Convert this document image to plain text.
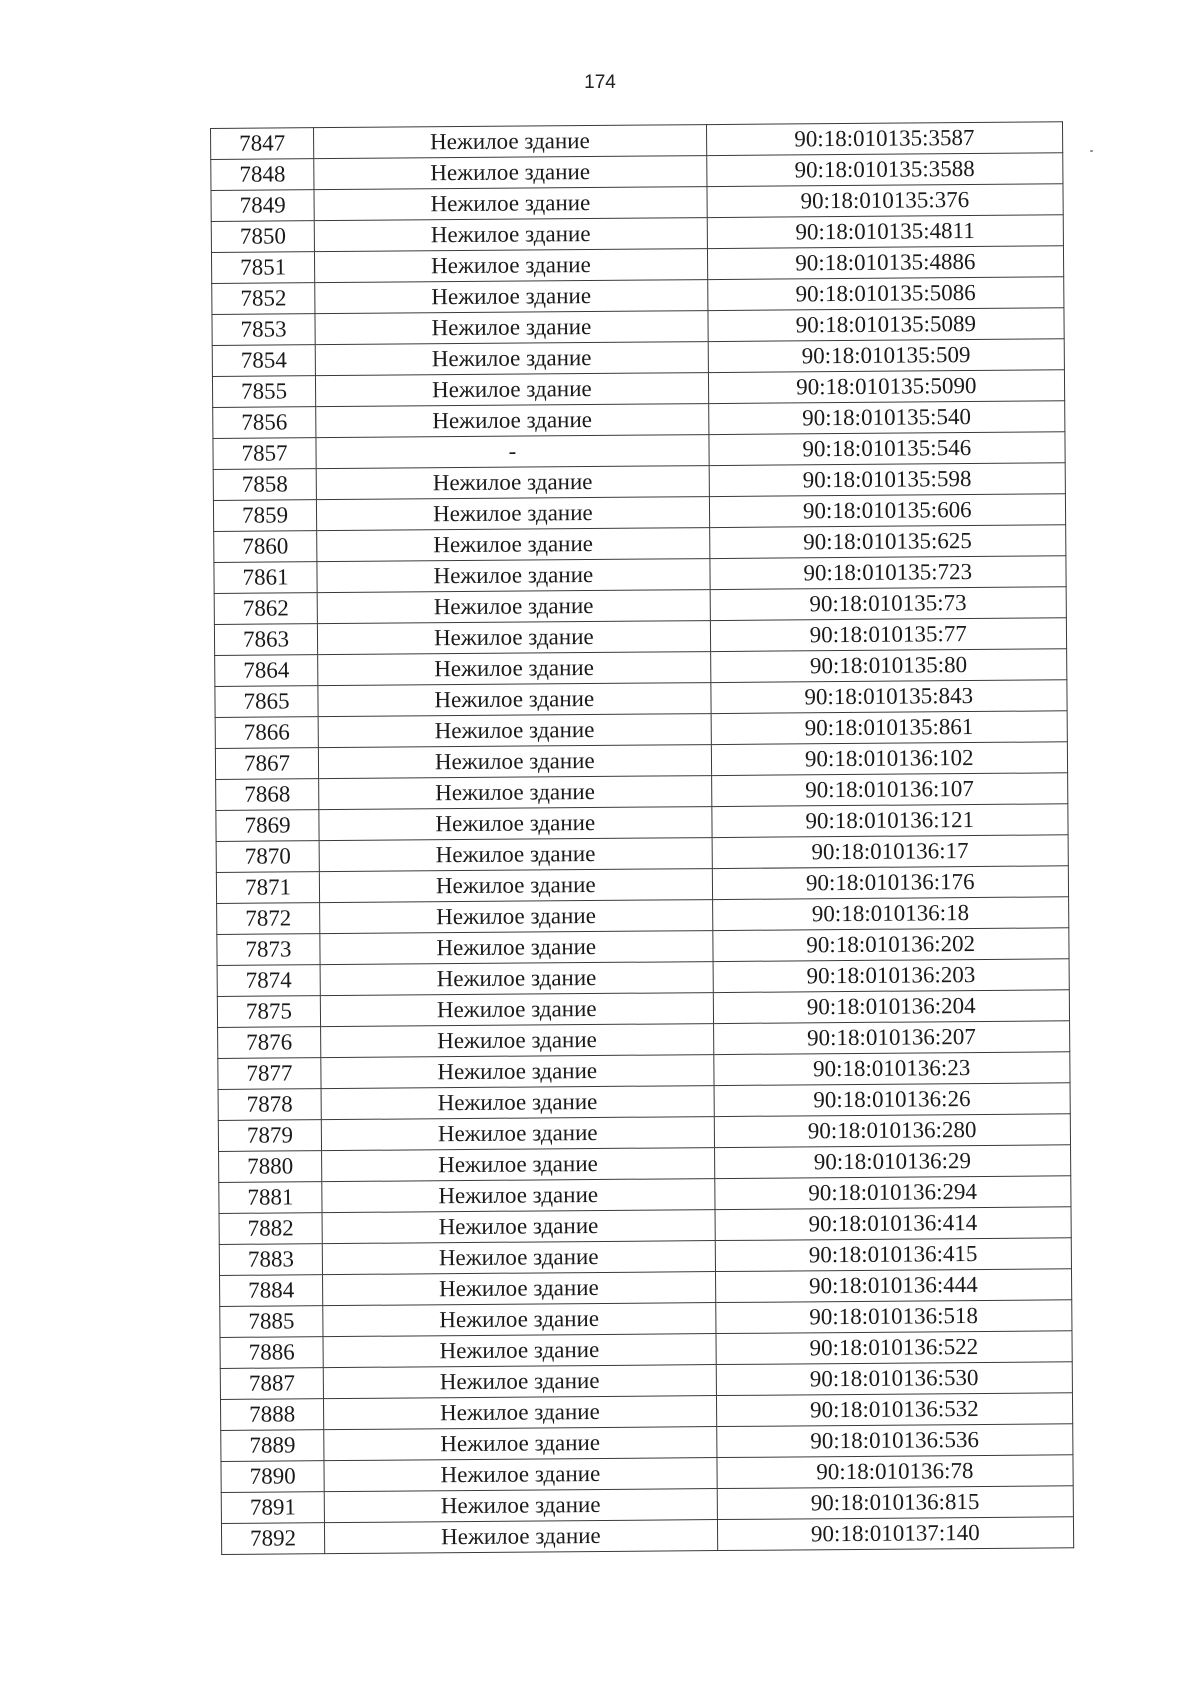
174
7847	Нежилое здание	90:18:010135:3587
7848	Нежилое здание	90:18:010135:3588
7849	Нежилое здание	90:18:010135:376
7850	Нежилое здание	90:18:010135:4811
7851	Нежилое здание	90:18:010135:4886
7852	Нежилое здание	90:18:010135:5086
7853	Нежилое здание	90:18:010135:5089
7854	Нежилое здание	90:18:010135:509
7855	Нежилое здание	90:18:010135:5090
7856	Нежилое здание	90:18:010135:540
7857	-	90:18:010135:546
7858	Нежилое здание	90:18:010135:598
7859	Нежилое здание	90:18:010135:606
7860	Нежилое здание	90:18:010135:625
7861	Нежилое здание	90:18:010135:723
7862	Нежилое здание	90:18:010135:73
7863	Нежилое здание	90:18:010135:77
7864	Нежилое здание	90:18:010135:80
7865	Нежилое здание	90:18:010135:843
7866	Нежилое здание	90:18:010135:861
7867	Нежилое здание	90:18:010136:102
7868	Нежилое здание	90:18:010136:107
7869	Нежилое здание	90:18:010136:121
7870	Нежилое здание	90:18:010136:17
7871	Нежилое здание	90:18:010136:176
7872	Нежилое здание	90:18:010136:18
7873	Нежилое здание	90:18:010136:202
7874	Нежилое здание	90:18:010136:203
7875	Нежилое здание	90:18:010136:204
7876	Нежилое здание	90:18:010136:207
7877	Нежилое здание	90:18:010136:23
7878	Нежилое здание	90:18:010136:26
7879	Нежилое здание	90:18:010136:280
7880	Нежилое здание	90:18:010136:29
7881	Нежилое здание	90:18:010136:294
7882	Нежилое здание	90:18:010136:414
7883	Нежилое здание	90:18:010136:415
7884	Нежилое здание	90:18:010136:444
7885	Нежилое здание	90:18:010136:518
7886	Нежилое здание	90:18:010136:522
7887	Нежилое здание	90:18:010136:530
7888	Нежилое здание	90:18:010136:532
7889	Нежилое здание	90:18:010136:536
7890	Нежилое здание	90:18:010136:78
7891	Нежилое здание	90:18:010136:815
7892	Нежилое здание	90:18:010137:140
